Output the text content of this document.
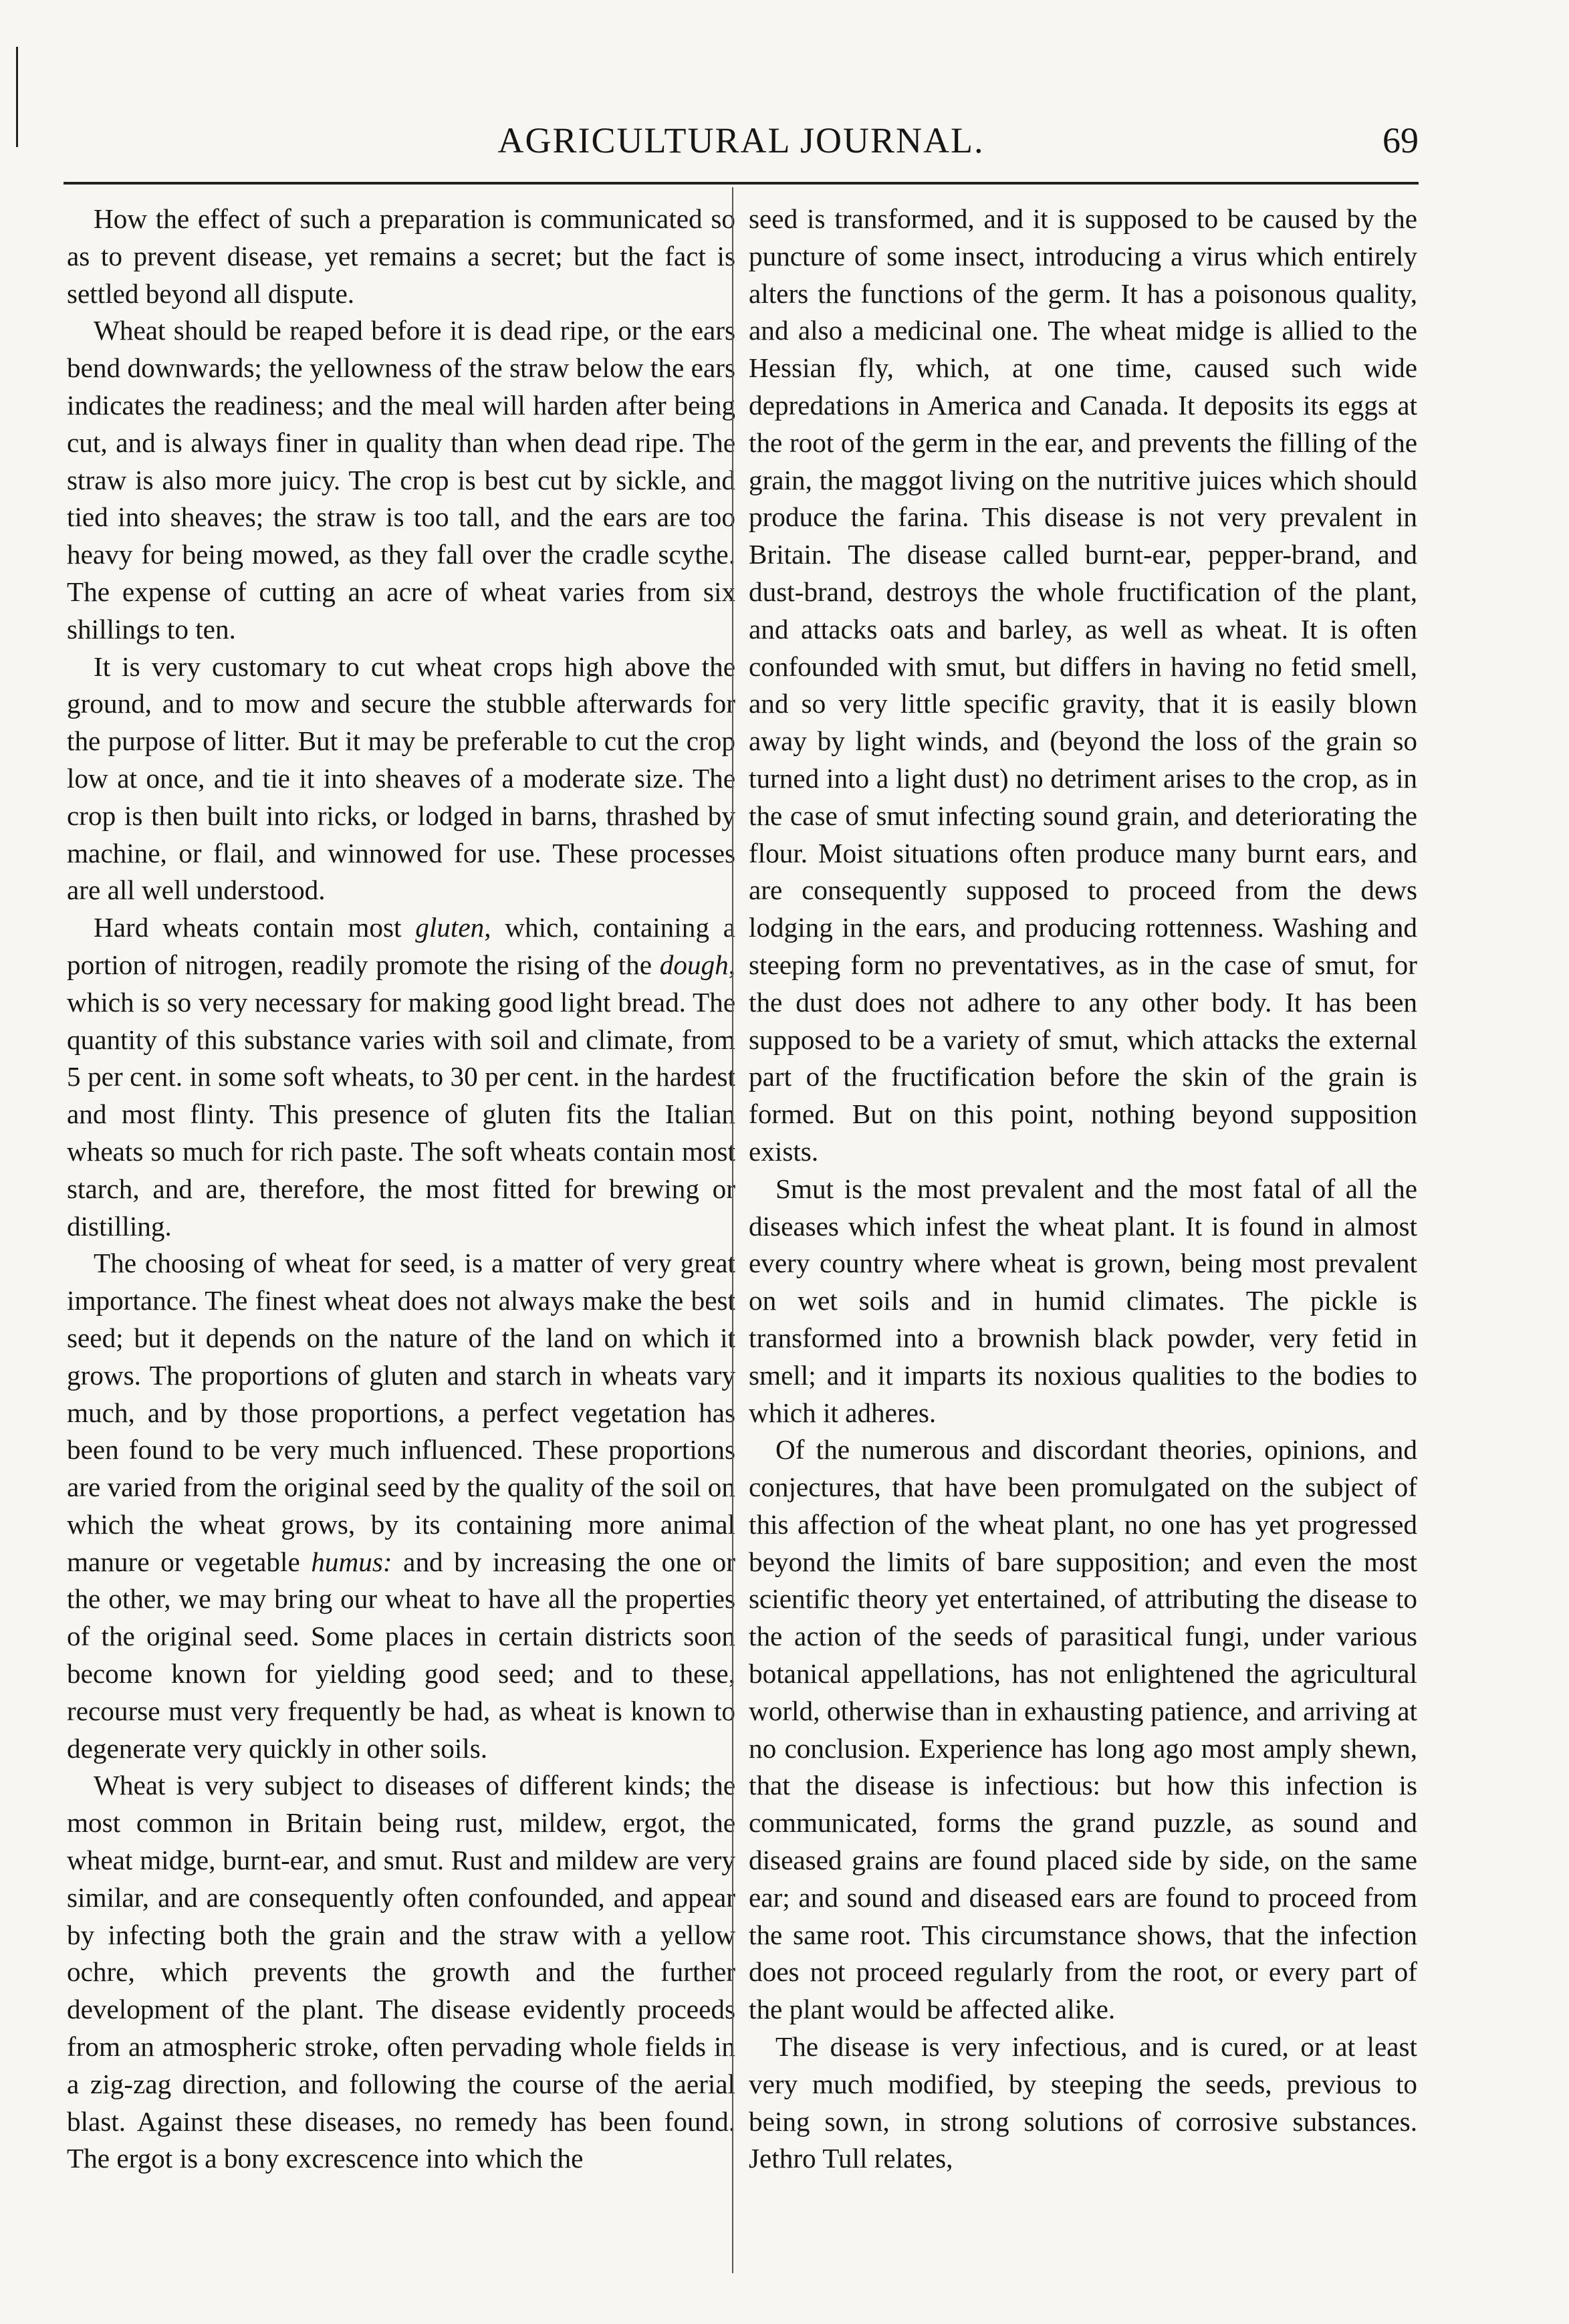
AGRICULTURAL JOURNAL.	69

How the effect of such a preparation is communicated so as to prevent disease, yet remains a secret; but the fact is settled beyond all dispute.

Wheat should be reaped before it is dead ripe, or the ears bend downwards; the yellowness of the straw below the ears indicates the readiness; and the meal will harden after being cut, and is always finer in quality than when dead ripe. The straw is also more juicy. The crop is best cut by sickle, and tied into sheaves; the straw is too tall, and the ears are too heavy for being mowed, as they fall over the cradle scythe. The expense of cutting an acre of wheat varies from six shillings to ten.

It is very customary to cut wheat crops high above the ground, and to mow and secure the stubble afterwards for the purpose of litter. But it may be preferable to cut the crop low at once, and tie it into sheaves of a moderate size. The crop is then built into ricks, or lodged in barns, thrashed by machine, or flail, and winnowed for use. These processes are all well understood.

Hard wheats contain most gluten, which, containing a portion of nitrogen, readily promote the rising of the dough, which is so very necessary for making good light bread. The quantity of this substance varies with soil and climate, from 5 per cent. in some soft wheats, to 30 per cent. in the hardest and most flinty. This presence of gluten fits the Italian wheats so much for rich paste. The soft wheats contain most starch, and are, therefore, the most fitted for brewing or distilling.

The choosing of wheat for seed, is a matter of very great importance. The finest wheat does not always make the best seed; but it depends on the nature of the land on which it grows. The proportions of gluten and starch in wheats vary much, and by those proportions, a perfect vegetation has been found to be very much influenced. These proportions are varied from the original seed by the quality of the soil on which the wheat grows, by its containing more animal manure or vegetable humus: and by increasing the one or the other, we may bring our wheat to have all the properties of the original seed. Some places in certain districts soon become known for yielding good seed; and to these, recourse must very frequently be had, as wheat is known to degenerate very quickly in other soils.

Wheat is very subject to diseases of different kinds; the most common in Britain being rust, mildew, ergot, the wheat midge, burnt-ear, and smut. Rust and mildew are very similar, and are consequently often confounded, and appear by infecting both the grain and the straw with a yellow ochre, which prevents the growth and the further development of the plant. The disease evidently proceeds from an atmospheric stroke, often pervading whole fields in a zig-zag direction, and following the course of the aerial blast. Against these diseases, no remedy has been found. The ergot is a bony excrescence into which the

seed is transformed, and it is supposed to be caused by the puncture of some insect, introducing a virus which entirely alters the functions of the germ. It has a poisonous quality, and also a medicinal one. The wheat midge is allied to the Hessian fly, which, at one time, caused such wide depredations in America and Canada. It deposits its eggs at the root of the germ in the ear, and prevents the filling of the grain, the maggot living on the nutritive juices which should produce the farina. This disease is not very prevalent in Britain. The disease called burnt-ear, pepper-brand, and dust-brand, destroys the whole fructification of the plant, and attacks oats and barley, as well as wheat. It is often confounded with smut, but differs in having no fetid smell, and so very little specific gravity, that it is easily blown away by light winds, and (beyond the loss of the grain so turned into a light dust) no detriment arises to the crop, as in the case of smut infecting sound grain, and deteriorating the flour. Moist situations often produce many burnt ears, and are consequently supposed to proceed from the dews lodging in the ears, and producing rottenness. Washing and steeping form no preventatives, as in the case of smut, for the dust does not adhere to any other body. It has been supposed to be a variety of smut, which attacks the external part of the fructification before the skin of the grain is formed. But on this point, nothing beyond supposition exists.

Smut is the most prevalent and the most fatal of all the diseases which infest the wheat plant. It is found in almost every country where wheat is grown, being most prevalent on wet soils and in humid climates. The pickle is transformed into a brownish black powder, very fetid in smell; and it imparts its noxious qualities to the bodies to which it adheres.

Of the numerous and discordant theories, opinions, and conjectures, that have been promulgated on the subject of this affection of the wheat plant, no one has yet progressed beyond the limits of bare supposition; and even the most scientific theory yet entertained, of attributing the disease to the action of the seeds of parasitical fungi, under various botanical appellations, has not enlightened the agricultural world, otherwise than in exhausting patience, and arriving at no conclusion. Experience has long ago most amply shewn, that the disease is infectious: but how this infection is communicated, forms the grand puzzle, as sound and diseased grains are found placed side by side, on the same ear; and sound and diseased ears are found to proceed from the same root. This circumstance shows, that the infection does not proceed regularly from the root, or every part of the plant would be affected alike.

The disease is very infectious, and is cured, or at least very much modified, by steeping the seeds, previous to being sown, in strong solutions of corrosive substances. Jethro Tull relates,
